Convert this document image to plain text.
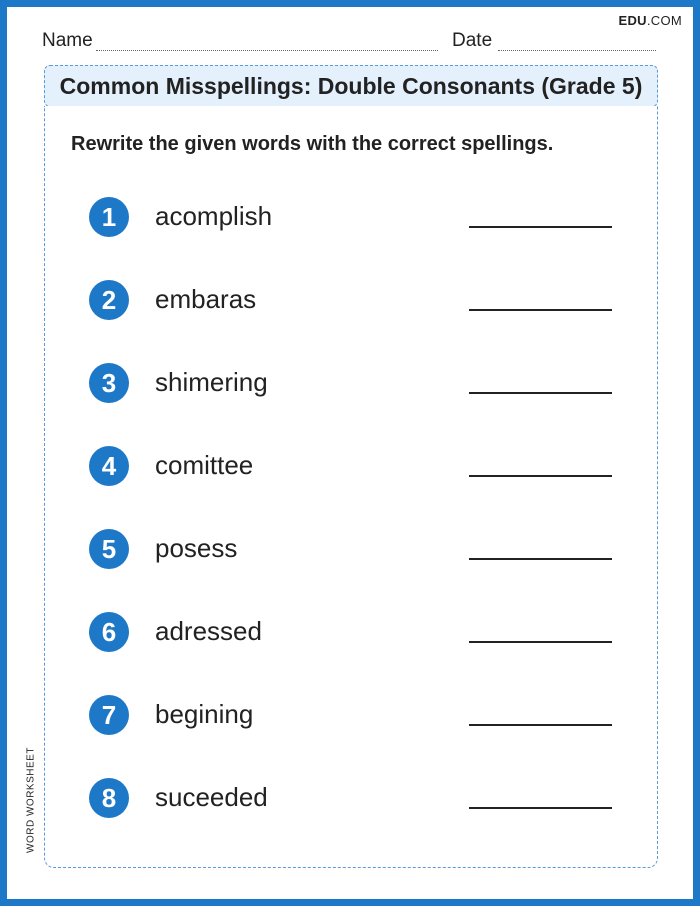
EDU.COM
Name	Date
Common Misspellings: Double Consonants (Grade 5)
Rewrite the given words with the correct spellings.
1	acomplish
2	embaras
3	shimering
4	comittee
5	posess
6	adressed
7	begining
8	suceeded
WORD WORKSHEET
